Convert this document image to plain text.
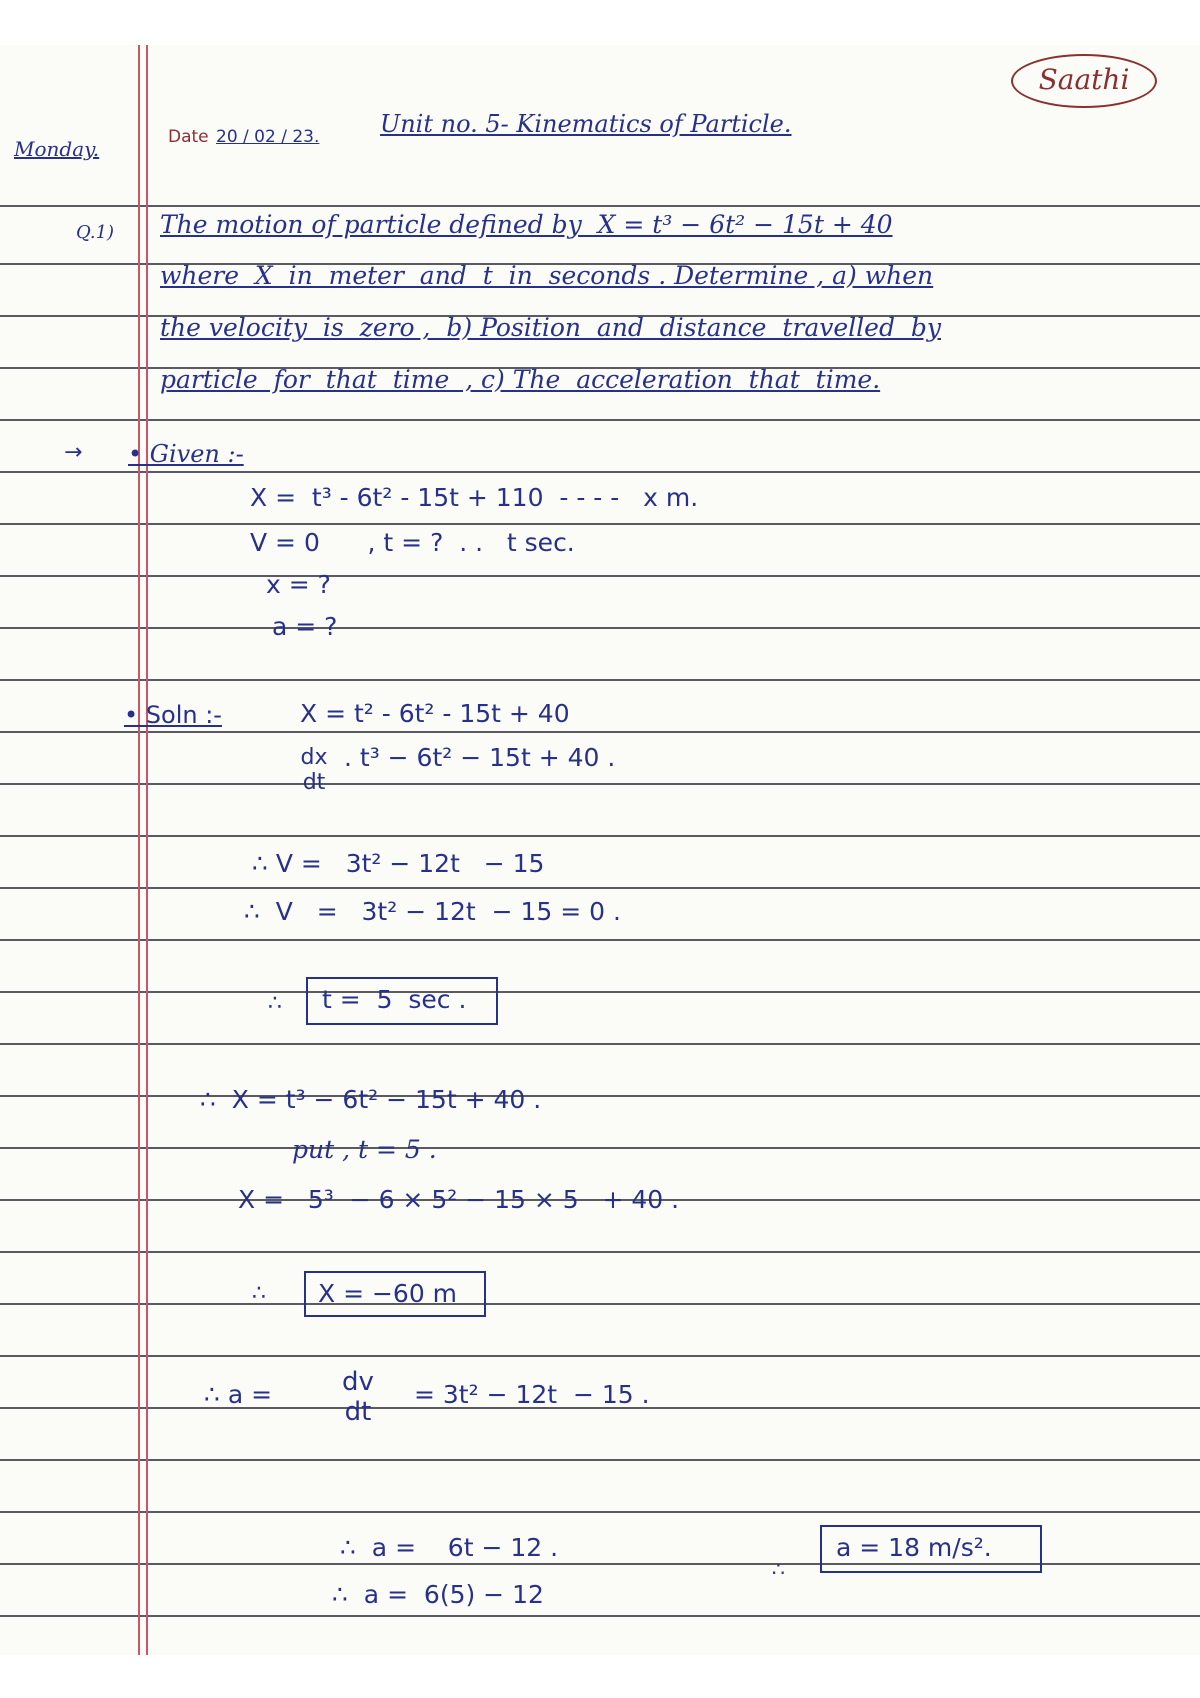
Saathi
Monday.	Date 20 / 02 / 23.	Unit no. 5- Kinematics of Particle.
Q.1) The motion of particle defined by  X = t³ − 6t² − 15t + 40
where  X  in  meter  and  t  in  seconds . Determine , a) when
the velocity  is  zero ,  b) Position  and  distance  travelled  by
particle  for  that  time  , c) The  acceleration  that  time.
→ • Given :-
X =  t³ - 6t² - 15t + 110  - - - -   x m.
V = 0      , t = ?  . .   t sec.
x = ?
a = ?
• Soln :-	X = t² - 6t² - 15t + 40
dx
dt
. t³ − 6t² − 15t + 40 .
∴ V =   3t² − 12t   − 15
∴  V   =   3t² − 12t  − 15 = 0 .
∴ t =  5  sec .
∴  X = t³ − 6t² − 15t + 40 .
put , t = 5 .
X =   5³  − 6 × 5² − 15 × 5   + 40 .
∴ X = −60 m
∴ a =	dv
dt
= 3t² − 12t  − 15 .
∴  a =    6t − 12 .
∴  a =  6(5) − 12
∴
a = 18 m/s².
